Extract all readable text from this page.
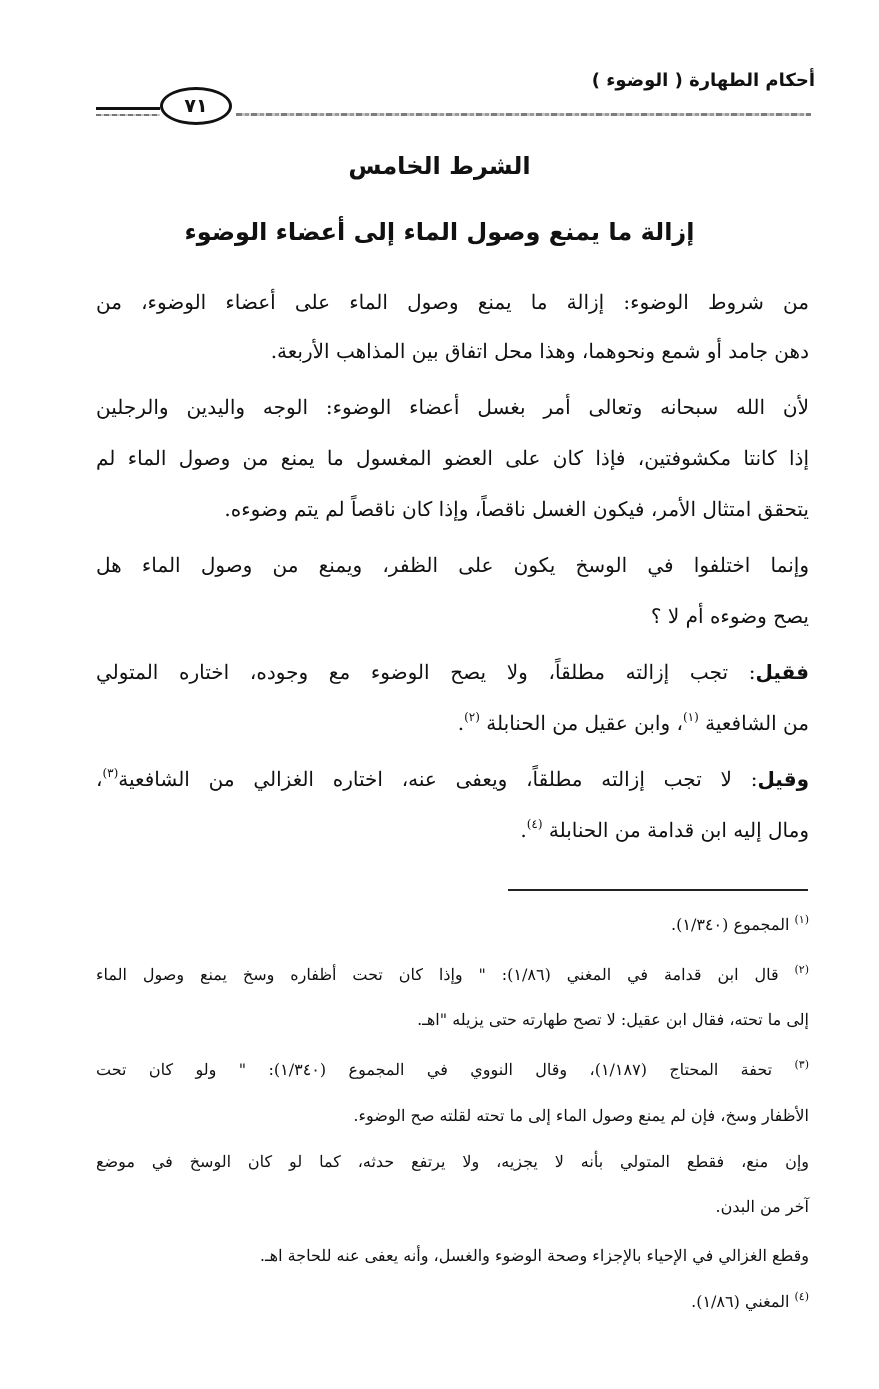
أحكام الطهارة ( الوضوء )
٧١
الشرط الخامس
إزالة ما يمنع وصول الماء إلى أعضاء الوضوء
من شروط الوضوء: إزالة ما يمنع وصول الماء على أعضاء الوضوء، من
دهن جامد أو شمع ونحوهما، وهذا محل اتفاق بين المذاهب الأربعة.
لأن الله سبحانه وتعالى أمر بغسل أعضاء الوضوء: الوجه واليدين والرجلين
إذا كانتا مكشوفتين، فإذا كان على العضو المغسول ما يمنع من وصول الماء لم
يتحقق امتثال الأمر، فيكون الغسل ناقصاً، وإذا كان ناقصاً لم يتم وضوءه.
وإنما اختلفوا في الوسخ يكون على الظفر، ويمنع من وصول الماء هل
يصح وضوءه أم لا ؟
فقيل: تجب إزالته مطلقاً، ولا يصح الوضوء مع وجوده، اختاره المتولي
من الشافعية $^{(١)}$، وابن عقيل من الحنابلة $^{(٢)}$.
وقيل: لا تجب إزالته مطلقاً، ويعفى عنه، اختاره الغزالي من الشافعية$^{(٣)}$،
ومال إليه ابن قدامة من الحنابلة $^{(٤)}$.
$^{(١)}$ المجموع (١/٣٤٠).
$^{(٢)}$ قال ابن قدامة في المغني (١/٨٦): " وإذا كان تحت أظفاره وسخ يمنع وصول الماء
إلى ما تحته، فقال ابن عقيل: لا تصح طهارته حتى يزيله "اهـ.
$^{(٣)}$ تحفة المحتاج (١/١٨٧)، وقال النووي في المجموع (١/٣٤٠): " ولو كان تحت
الأظفار وسخ، فإن لم يمنع وصول الماء إلى ما تحته لقلته صح الوضوء.
وإن منع، فقطع المتولي بأنه لا يجزيه، ولا يرتفع حدثه، كما لو كان الوسخ في موضع
آخر من البدن.
وقطع الغزالي في الإحياء بالإجزاء وصحة الوضوء والغسل، وأنه يعفى عنه للحاجة اهـ.
$^{(٤)}$ المغني (١/٨٦).
